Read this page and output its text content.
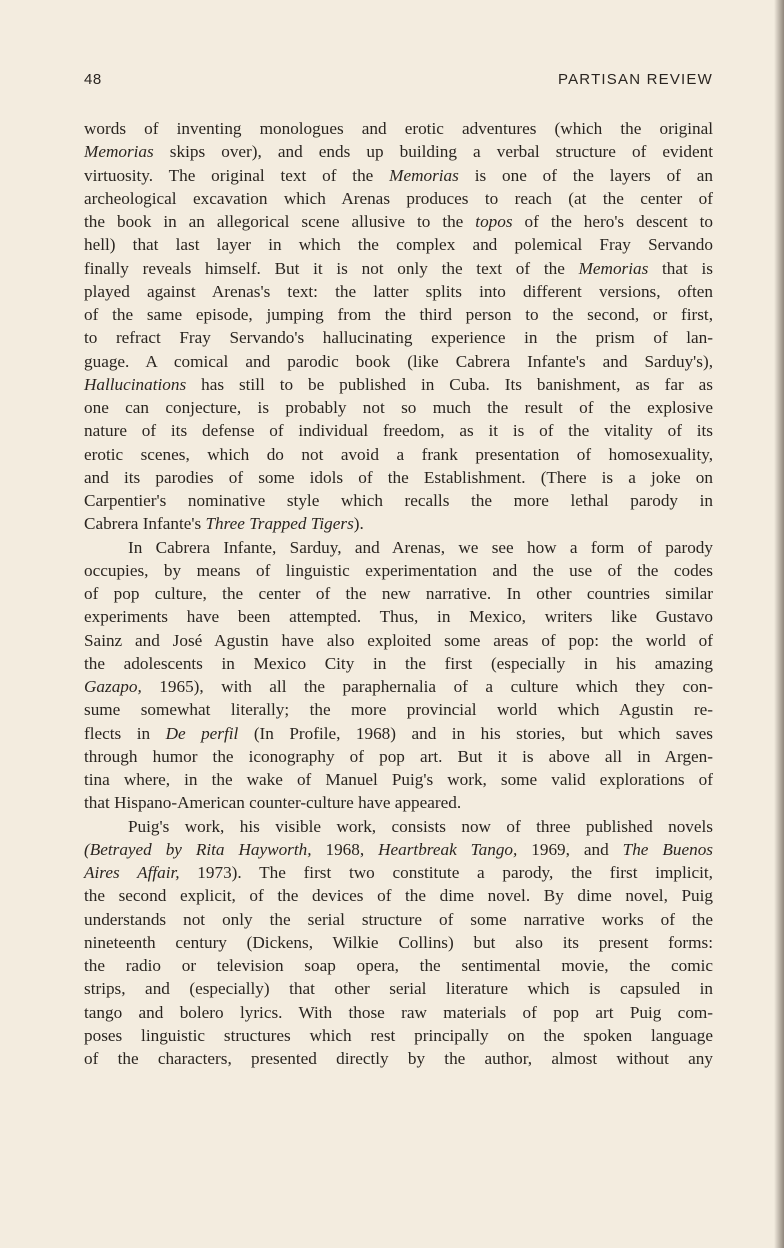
48	PARTISAN REVIEW
words of inventing monologues and erotic adventures (which the original
Memorias skips over), and ends up building a verbal structure of evident
virtuosity. The original text of the Memorias is one of the layers of an
archeological excavation which Arenas produces to reach (at the center of
the book in an allegorical scene allusive to the topos of the hero's descent to
hell) that last layer in which the complex and polemical Fray Servando
finally reveals himself. But it is not only the text of the Memorias that is
played against Arenas's text: the latter splits into different versions, often
of the same episode, jumping from the third person to the second, or first,
to refract Fray Servando's hallucinating experience in the prism of lan-
guage. A comical and parodic book (like Cabrera Infante's and Sarduy's),
Hallucinations has still to be published in Cuba. Its banishment, as far as
one can conjecture, is probably not so much the result of the explosive
nature of its defense of individual freedom, as it is of the vitality of its
erotic scenes, which do not avoid a frank presentation of homosexuality,
and its parodies of some idols of the Establishment. (There is a joke on
Carpentier's nominative style which recalls the more lethal parody in
Cabrera Infante's Three Trapped Tigers).
In Cabrera Infante, Sarduy, and Arenas, we see how a form of parody
occupies, by means of linguistic experimentation and the use of the codes
of pop culture, the center of the new narrative. In other countries similar
experiments have been attempted. Thus, in Mexico, writers like Gustavo
Sainz and José Agustin have also exploited some areas of pop: the world of
the adolescents in Mexico City in the first (especially in his amazing
Gazapo, 1965), with all the paraphernalia of a culture which they con-
sume somewhat literally; the more provincial world which Agustin re-
flects in De perfil (In Profile, 1968) and in his stories, but which saves
through humor the iconography of pop art. But it is above all in Argen-
tina where, in the wake of Manuel Puig's work, some valid explorations of
that Hispano-American counter-culture have appeared.
Puig's work, his visible work, consists now of three published novels
(Betrayed by Rita Hayworth, 1968, Heartbreak Tango, 1969, and The Buenos
Aires Affair, 1973). The first two constitute a parody, the first implicit,
the second explicit, of the devices of the dime novel. By dime novel, Puig
understands not only the serial structure of some narrative works of the
nineteenth century (Dickens, Wilkie Collins) but also its present forms:
the radio or television soap opera, the sentimental movie, the comic
strips, and (especially) that other serial literature which is capsuled in
tango and bolero lyrics. With those raw materials of pop art Puig com-
poses linguistic structures which rest principally on the spoken language
of the characters, presented directly by the author, almost without any
